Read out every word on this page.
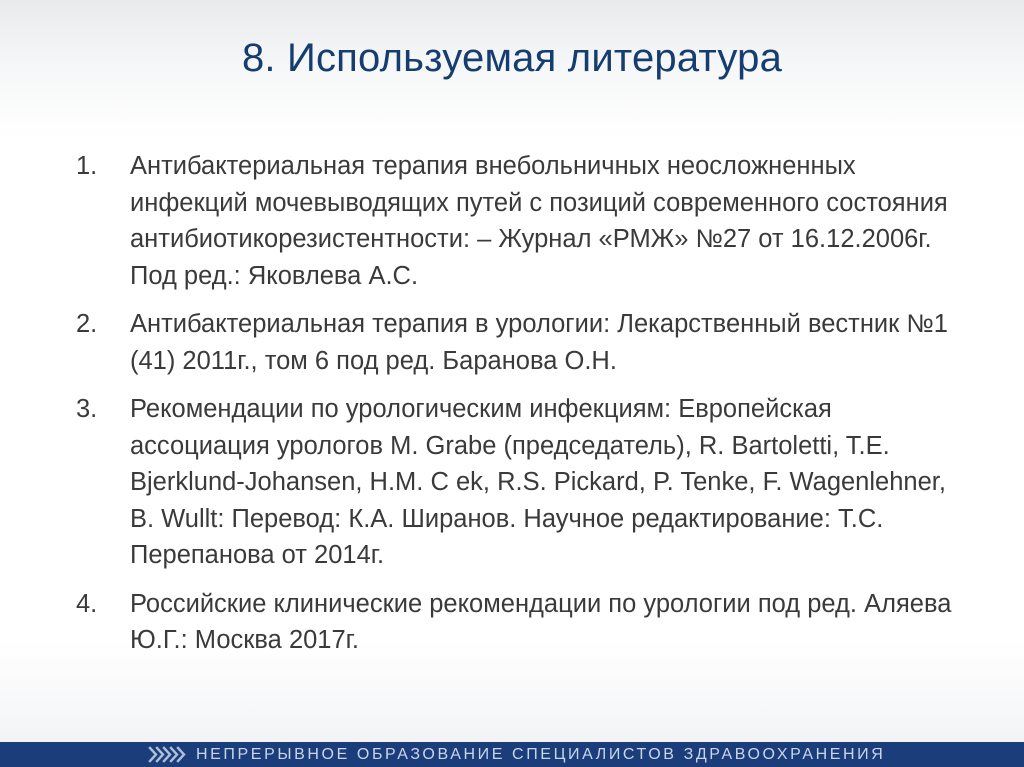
8. Используемая литература
1. Антибактериальная терапия внебольничных неосложненных инфекций мочевыводящих путей с позиций современного состояния антибиотикорезистентности: – Журнал «РМЖ» №27 от 16.12.2006г. Под ред.: Яковлева А.С.
2. Антибактериальная терапия в урологии: Лекарственный вестник №1 (41) 2011г., том 6 под ред. Баранова О.Н.
3. Рекомендации по урологическим инфекциям: Европейская ассоциация урологов M. Grabe (председатель), R. Bartoletti, T.E. Bjerklund-Johansen, H.M. C ek, R.S. Pickard, P. Tenke, F. Wagenlehner, B. Wullt: Перевод: К.А. Ширанов. Научное редактирование: Т.С. Перепанова от 2014г.
4. Российские клинические рекомендации по урологии под ред. Аляева Ю.Г.: Москва 2017г.
НЕПРЕРЫВНОЕ ОБРАЗОВАНИЕ СПЕЦИАЛИСТОВ ЗДРАВООХРАНЕНИЯ
